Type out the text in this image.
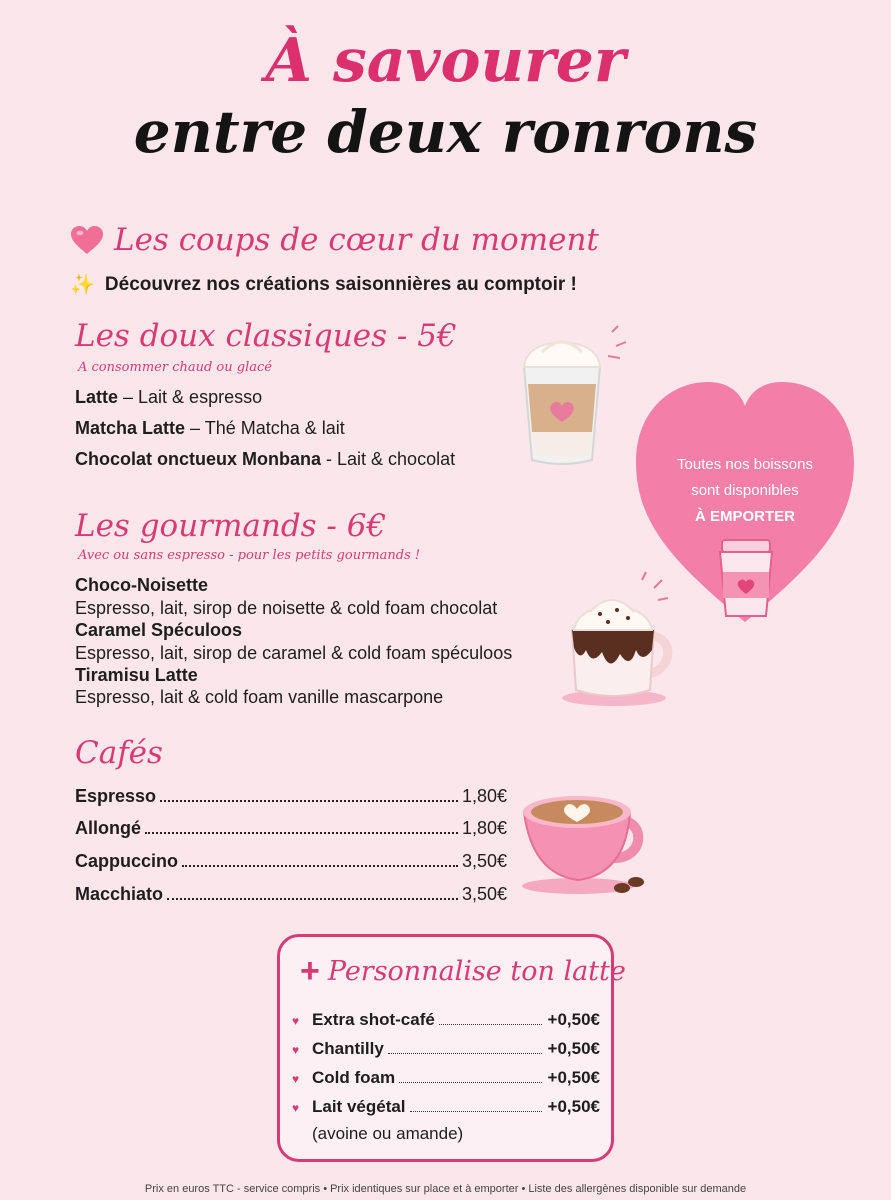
À savourer
entre deux ronrons
Les coups de cœur du moment
✨ Découvrez nos créations saisonnières au comptoir !
Les doux classiques - 5€
A consommer chaud ou glacé
Latte – Lait & espresso
Matcha Latte – Thé Matcha & lait
Chocolat onctueux Monbana - Lait & chocolat	Toutes nos boissons
sont disponibles
À EMPORTER
Les gourmands - 6€
Avec ou sans espresso - pour les petits gourmands !
Choco-Noisette
Espresso, lait, sirop de noisette & cold foam chocolat
Caramel Spéculoos
Espresso, lait, sirop de caramel & cold foam spéculoos
Tiramisu Latte
Espresso, lait & cold foam vanille mascarpone
Cafés
Espresso	1,80€
Allongé	1,80€
Cappuccino	3,50€
Macchiato	3,50€
+ Personnalise ton latte
♥ Extra shot-café	+0,50€
♥ Chantilly	+0,50€
♥ Cold foam	+0,50€
♥ Lait végétal	+0,50€
(avoine ou amande)
Prix en euros TTC - service compris • Prix identiques sur place et à emporter • Liste des allergènes disponible sur demande
